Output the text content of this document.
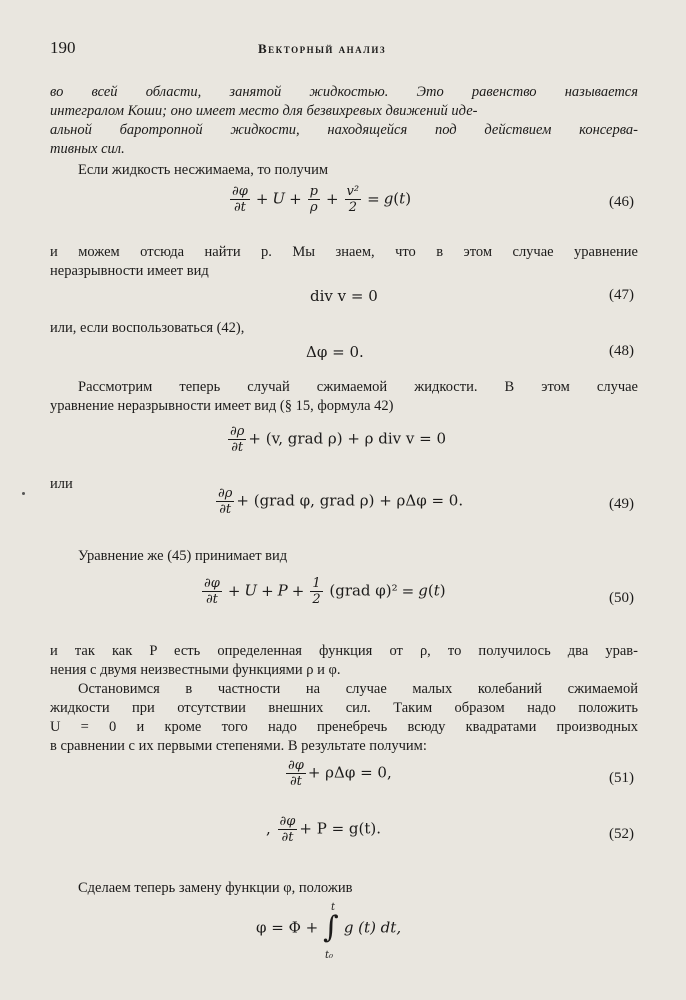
190	Векторный анализ
во всей области, занятой жидкостью. Это равенство называется
интегралом Коши; оно имеет место для безвихревых движений иде-
альной баротропной жидкости, находящейся под действием консерва-
тивных сил.
Если жидкость несжимаема, то получим
$\frac{\partial\varphi}{\partial t} + U + \frac{p}{\rho} + \frac{\text{v²}}{2} = g(t)$	(46)
и можем отсюда найти p. Мы знаем, что в этом случае уравнение
неразрывности имеет вид
div v = 0	(47)
или, если воспользоваться (42),
Δφ = 0.	(48)
Рассмотрим теперь случай сжимаемой жидкости. В этом случае
уравнение неразрывности имеет вид (§ 15, формула 42)
$\frac{\partial\rho}{\partial t} + (v$, grad ρ) + ρ div v = 0
или
$\frac{\partial\rho}{\partial t}$ + (grad φ, grad ρ) + ρΔφ = 0.	(49)
Уравнение же (45) принимает вид
$\frac{\partial\varphi}{\partial t} + U + P + \frac{1}{2}$ (grad φ)² = g(t)	(50)
и так как P есть определенная функция от ρ, то получилось два урав-
нения с двумя неизвестными функциями ρ и φ.
Остановимся в частности на случае малых колебаний сжимаемой
жидкости при отсутствии внешних сил. Таким образом надо положить
U = 0 и кроме того надо пренебречь всюду квадратами производных
в сравнении с их первыми степенями. В результате получим:
$\frac{\partial\varphi}{\partial t} + \rho\Delta\varphi = 0$,	(51)
, $\frac{\partial\varphi}{\partial t} + P = g(t)$.	(52)
Сделаем теперь замену функции φ, положив
φ = Φ + ∫
t
t₀
g (t) dt,
